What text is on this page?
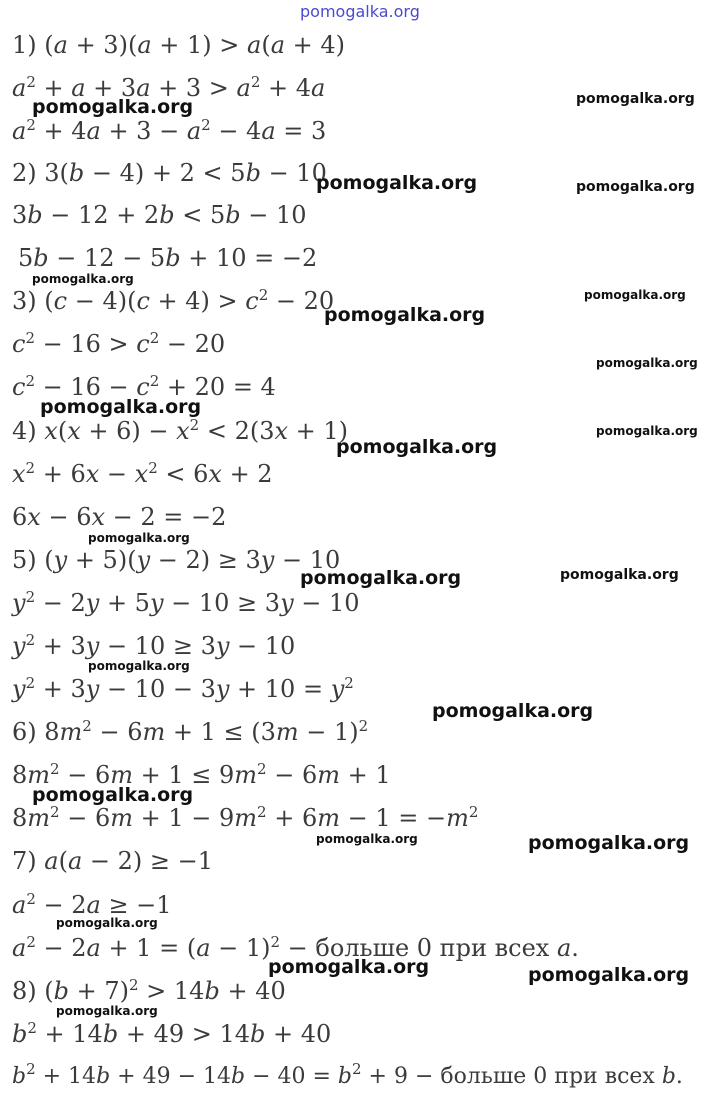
pomogalka.org
1) (a + 3)(a + 1) > a(a + 4)
$a^2 + a + 3a + 3 > a^2 + 4a$
$a^2 + 4a + 3 - a^2 - 4a = 3$
2) 3(b − 4) + 2 < 5b − 10
3b − 12 + 2b < 5b − 10
5b − 12 − 5b + 10 = −2
3) $(c - 4)(c + 4) > c^2 - 20$
$c^2 - 16 > c^2 - 20$
$c^2 - 16 - c^2 + 20 = 4$
4) $x(x + 6) - x^2 < 2(3x + 1)$
$x^2 + 6x - x^2 < 6x + 2$
6x − 6x − 2 = −2
5) (y + 5)(y − 2) ≥ 3y − 10
$y^2 - 2y + 5y - 10 \ge 3y - 10$
$y^2 + 3y - 10 \ge 3y - 10$
$y^2 + 3y - 10 - 3y + 10 = y^2$
6) $8m^2 - 6m + 1 \le (3m - 1)^2$
$8m^2 - 6m + 1 \le 9m^2 - 6m + 1$
$8m^2 - 6m + 1 - 9m^2 + 6m - 1 = -m^2$
7) a(a − 2) ≥ −1
$a^2 - 2a \ge -1$
$a^2 - 2a + 1 = (a - 1)^2$ − больше 0 при всех a.
8) $(b + 7)^2 > 14b + 40$
$b^2 + 14b + 49 > 14b + 40$
$b^2 + 14b + 49 - 14b - 40 = b^2 + 9$ − больше 0 при всех b.
pomogalka.org	pomogalka.org
pomogalka.org	pomogalka.org
pomogalka.org
pomogalka.org
pomogalka.org
pomogalka.org
pomogalka.org
pomogalka.org
pomogalka.org
pomogalka.org
pomogalka.org	pomogalka.org
pomogalka.org
pomogalka.org
pomogalka.org
pomogalka.org	pomogalka.org
pomogalka.org
pomogalka.org	pomogalka.org
pomogalka.org
